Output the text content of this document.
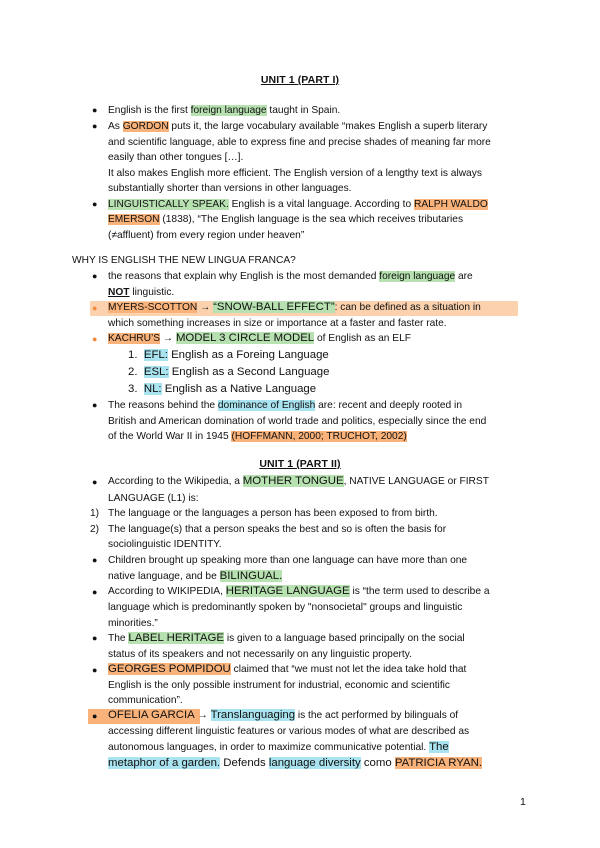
UNIT 1 (PART I)
● English is the first foreign language taught in Spain.
● As GORDON puts it, the large vocabulary available “makes English a superb literary
and scientific language, able to express fine and precise shades of meaning far more
easily than other tongues […].
It also makes English more efficient. The English version of a lengthy text is always
substantially shorter than versions in other languages.
● LINGUISTICALLY SPEAK. English is a vital language. According to RALPH WALDO
EMERSON (1838), “The English language is the sea which receives tributaries
(≠affluent) from every region under heaven”
WHY IS ENGLISH THE NEW LINGUA FRANCA?
● the reasons that explain why English is the most demanded foreign language are
NOT linguistic.
● MYERS-SCOTTON → “SNOW-BALL EFFECT”: can be defined as a situation in
which something increases in size or importance at a faster and faster rate.
● KACHRU’S → MODEL 3 CIRCLE MODEL of English as an ELF
1. EFL: English as a Foreing Language
2. ESL: English as a Second Language
3. NL: English as a Native Language
● The reasons behind the dominance of English are: recent and deeply rooted in
British and American domination of world trade and politics, especially since the end
of the World War II in 1945 (HOFFMANN, 2000; TRUCHOT, 2002)
UNIT 1 (PART II)
● According to the Wikipedia, a MOTHER TONGUE, NATIVE LANGUAGE or FIRST
LANGUAGE (L1) is:
1) The language or the languages a person has been exposed to from birth.
2) The language(s) that a person speaks the best and so is often the basis for
sociolinguistic IDENTITY.
● Children brought up speaking more than one language can have more than one
native language, and be BILINGUAL.
● According to WIKIPEDIA, HERITAGE LANGUAGE is “the term used to describe a
language which is predominantly spoken by "nonsocietal" groups and linguistic
minorities.”
● The LABEL HERITAGE is given to a language based principally on the social
status of its speakers and not necessarily on any linguistic property.
● GEORGES POMPIDOU claimed that “we must not let the idea take hold that
English is the only possible instrument for industrial, economic and scientific
communication”.
● OFELIA GARCIA → Translanguaging is the act performed by bilinguals of
accessing different linguistic features or various modes of what are described as
autonomous languages, in order to maximize communicative potential. The
metaphor of a garden. Defends language diversity como PATRICIA RYAN.
1
